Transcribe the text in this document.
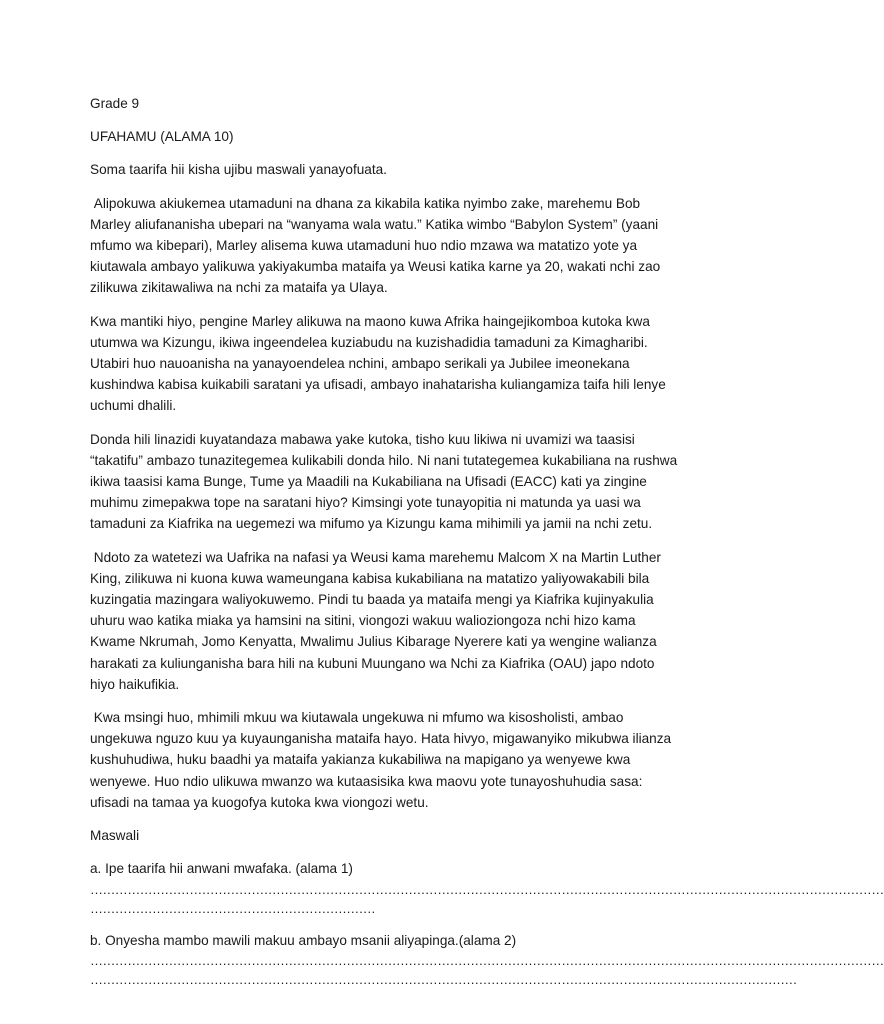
Grade 9

UFAHAMU (ALAMA 10)

Soma taarifa hii kisha ujibu maswali yanayofuata.

Alipokuwa akiukemea utamaduni na dhana za kikabila katika nyimbo zake, marehemu Bob Marley aliufananisha ubepari na “wanyama wala watu.” Katika wimbo “Babylon System” (yaani mfumo wa kibepari), Marley alisema kuwa utamaduni huo ndio mzawa wa matatizo yote ya kiutawala ambayo yalikuwa yakiyakumba mataifa ya Weusi katika karne ya 20, wakati nchi zao zilikuwa zikitawaliwa na nchi za mataifa ya Ulaya.

Kwa mantiki hiyo, pengine Marley alikuwa na maono kuwa Afrika haingejikomboa kutoka kwa utumwa wa Kizungu, ikiwa ingeendelea kuziabudu na kuzishadidia tamaduni za Kimagharibi. Utabiri huo nauoanisha na yanayoendelea nchini, ambapo serikali ya Jubilee imeonekana kushindwa kabisa kuikabili saratani ya ufisadi, ambayo inahatarisha kuliangamiza taifa hili lenye uchumi dhalili.

Donda hili linazidi kuyatandaza mabawa yake kutoka, tisho kuu likiwa ni uvamizi wa taasisi “takatifu” ambazo tunazitegemea kulikabili donda hilo. Ni nani tutategemea kukabiliana na rushwa ikiwa taasisi kama Bunge, Tume ya Maadili na Kukabiliana na Ufisadi (EACC) kati ya zingine muhimu zimepakwa tope na saratani hiyo? Kimsingi yote tunayopitia ni matunda ya uasi wa tamaduni za Kiafrika na uegemezi wa mifumo ya Kizungu kama mihimili ya jamii na nchi zetu.

Ndoto za watetezi wa Uafrika na nafasi ya Weusi kama marehemu Malcom X na Martin Luther King, zilikuwa ni kuona kuwa wameungana kabisa kukabiliana na matatizo yaliyowakabili bila kuzingatia mazingara waliyokuwemo. Pindi tu baada ya mataifa mengi ya Kiafrika kujinyakulia uhuru wao katika miaka ya hamsini na sitini, viongozi wakuu walioziongoza nchi hizo kama Kwame Nkrumah, Jomo Kenyatta, Mwalimu Julius Kibarage Nyerere kati ya wengine walianza harakati za kuliunganisha bara hili na kubuni Muungano wa Nchi za Kiafrika (OAU) japo ndoto hiyo haikufikia.

Kwa msingi huo, mhimili mkuu wa kiutawala ungekuwa ni mfumo wa kisosholisti, ambao ungekuwa nguzo kuu ya kuyaunganisha mataifa hayo. Hata hivyo, migawanyiko mikubwa ilianza kushuhudiwa, huku baadhi ya mataifa yakianza kukabiliwa na mapigano ya wenyewe kwa wenyewe. Huo ndio ulikuwa mwanzo wa kutaasisika kwa maovu yote tunayoshuhudia sasa: ufisadi na tamaa ya kuogofya kutoka kwa viongozi wetu.

Maswali

a. Ipe taarifa hii anwani mwafaka. (alama 1)

…………………………………………………………………………………………………………………………………………………………………………

……………………………………………………………

b. Onyesha mambo mawili makuu ambayo msanii aliyapinga.(alama 2)

…………………………………………………………………………………………………………………………………………………………………………

………………………………………………………………………………………………………………………………………………………
